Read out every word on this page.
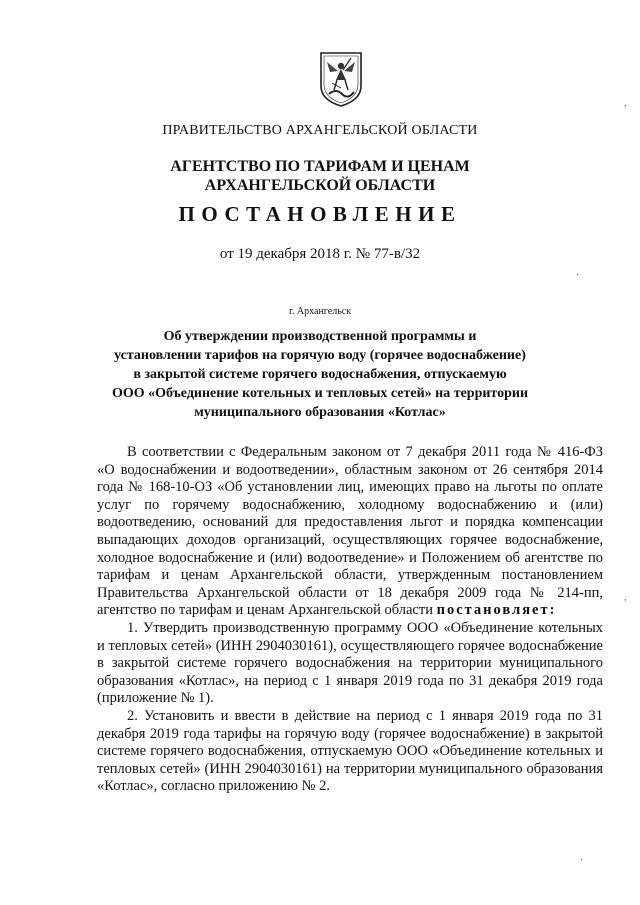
ПРАВИТЕЛЬСТВО АРХАНГЕЛЬСКОЙ ОБЛАСТИ
АГЕНТСТВО ПО ТАРИФАМ И ЦЕНАМ
АРХАНГЕЛЬСКОЙ ОБЛАСТИ
ПОСТАНОВЛЕНИЕ
от 19 декабря 2018 г. № 77-в/32
г. Архангельск
Об утверждении производственной программы и
установлении тарифов на горячую воду (горячее водоснабжение)
в закрытой системе горячего водоснабжения, отпускаемую
ООО «Объединение котельных и тепловых сетей» на территории
муниципального образования «Котлас»

В соответствии с Федеральным законом от 7 декабря 2011 года № 416-ФЗ «О водоснабжении и водоотведении», областным законом от 26 сентября 2014 года № 168-10-ОЗ «Об установлении лиц, имеющих право на льготы по оплате услуг по горячему водоснабжению, холодному водоснабжению и (или) водоотведению, оснований для предоставления льгот и порядка компенсации выпадающих доходов организаций, осуществляющих горячее водоснабжение, холодное водоснабжение и (или) водоотведение» и Положением об агентстве по тарифам и ценам Архангельской области, утвержденным постановлением Правительства Архангельской области от 18 декабря 2009 года № 214-пп, агентство по тарифам и ценам Архангельской области постановляет:

1. Утвердить производственную программу ООО «Объединение котельных и тепловых сетей» (ИНН 2904030161), осуществляющего горячее водоснабжение в закрытой системе горячего водоснабжения на территории муниципального образования «Котлас», на период с 1 января 2019 года по 31 декабря 2019 года (приложение № 1).

2. Установить и ввести в действие на период с 1 января 2019 года по 31 декабря 2019 года тарифы на горячую воду (горячее водоснабжение) в закрытой системе горячего водоснабжения, отпускаемую ООО «Объединение котельных и тепловых сетей» (ИНН 2904030161) на территории муниципального образования «Котлас», согласно приложению № 2.

,
·
,
·
